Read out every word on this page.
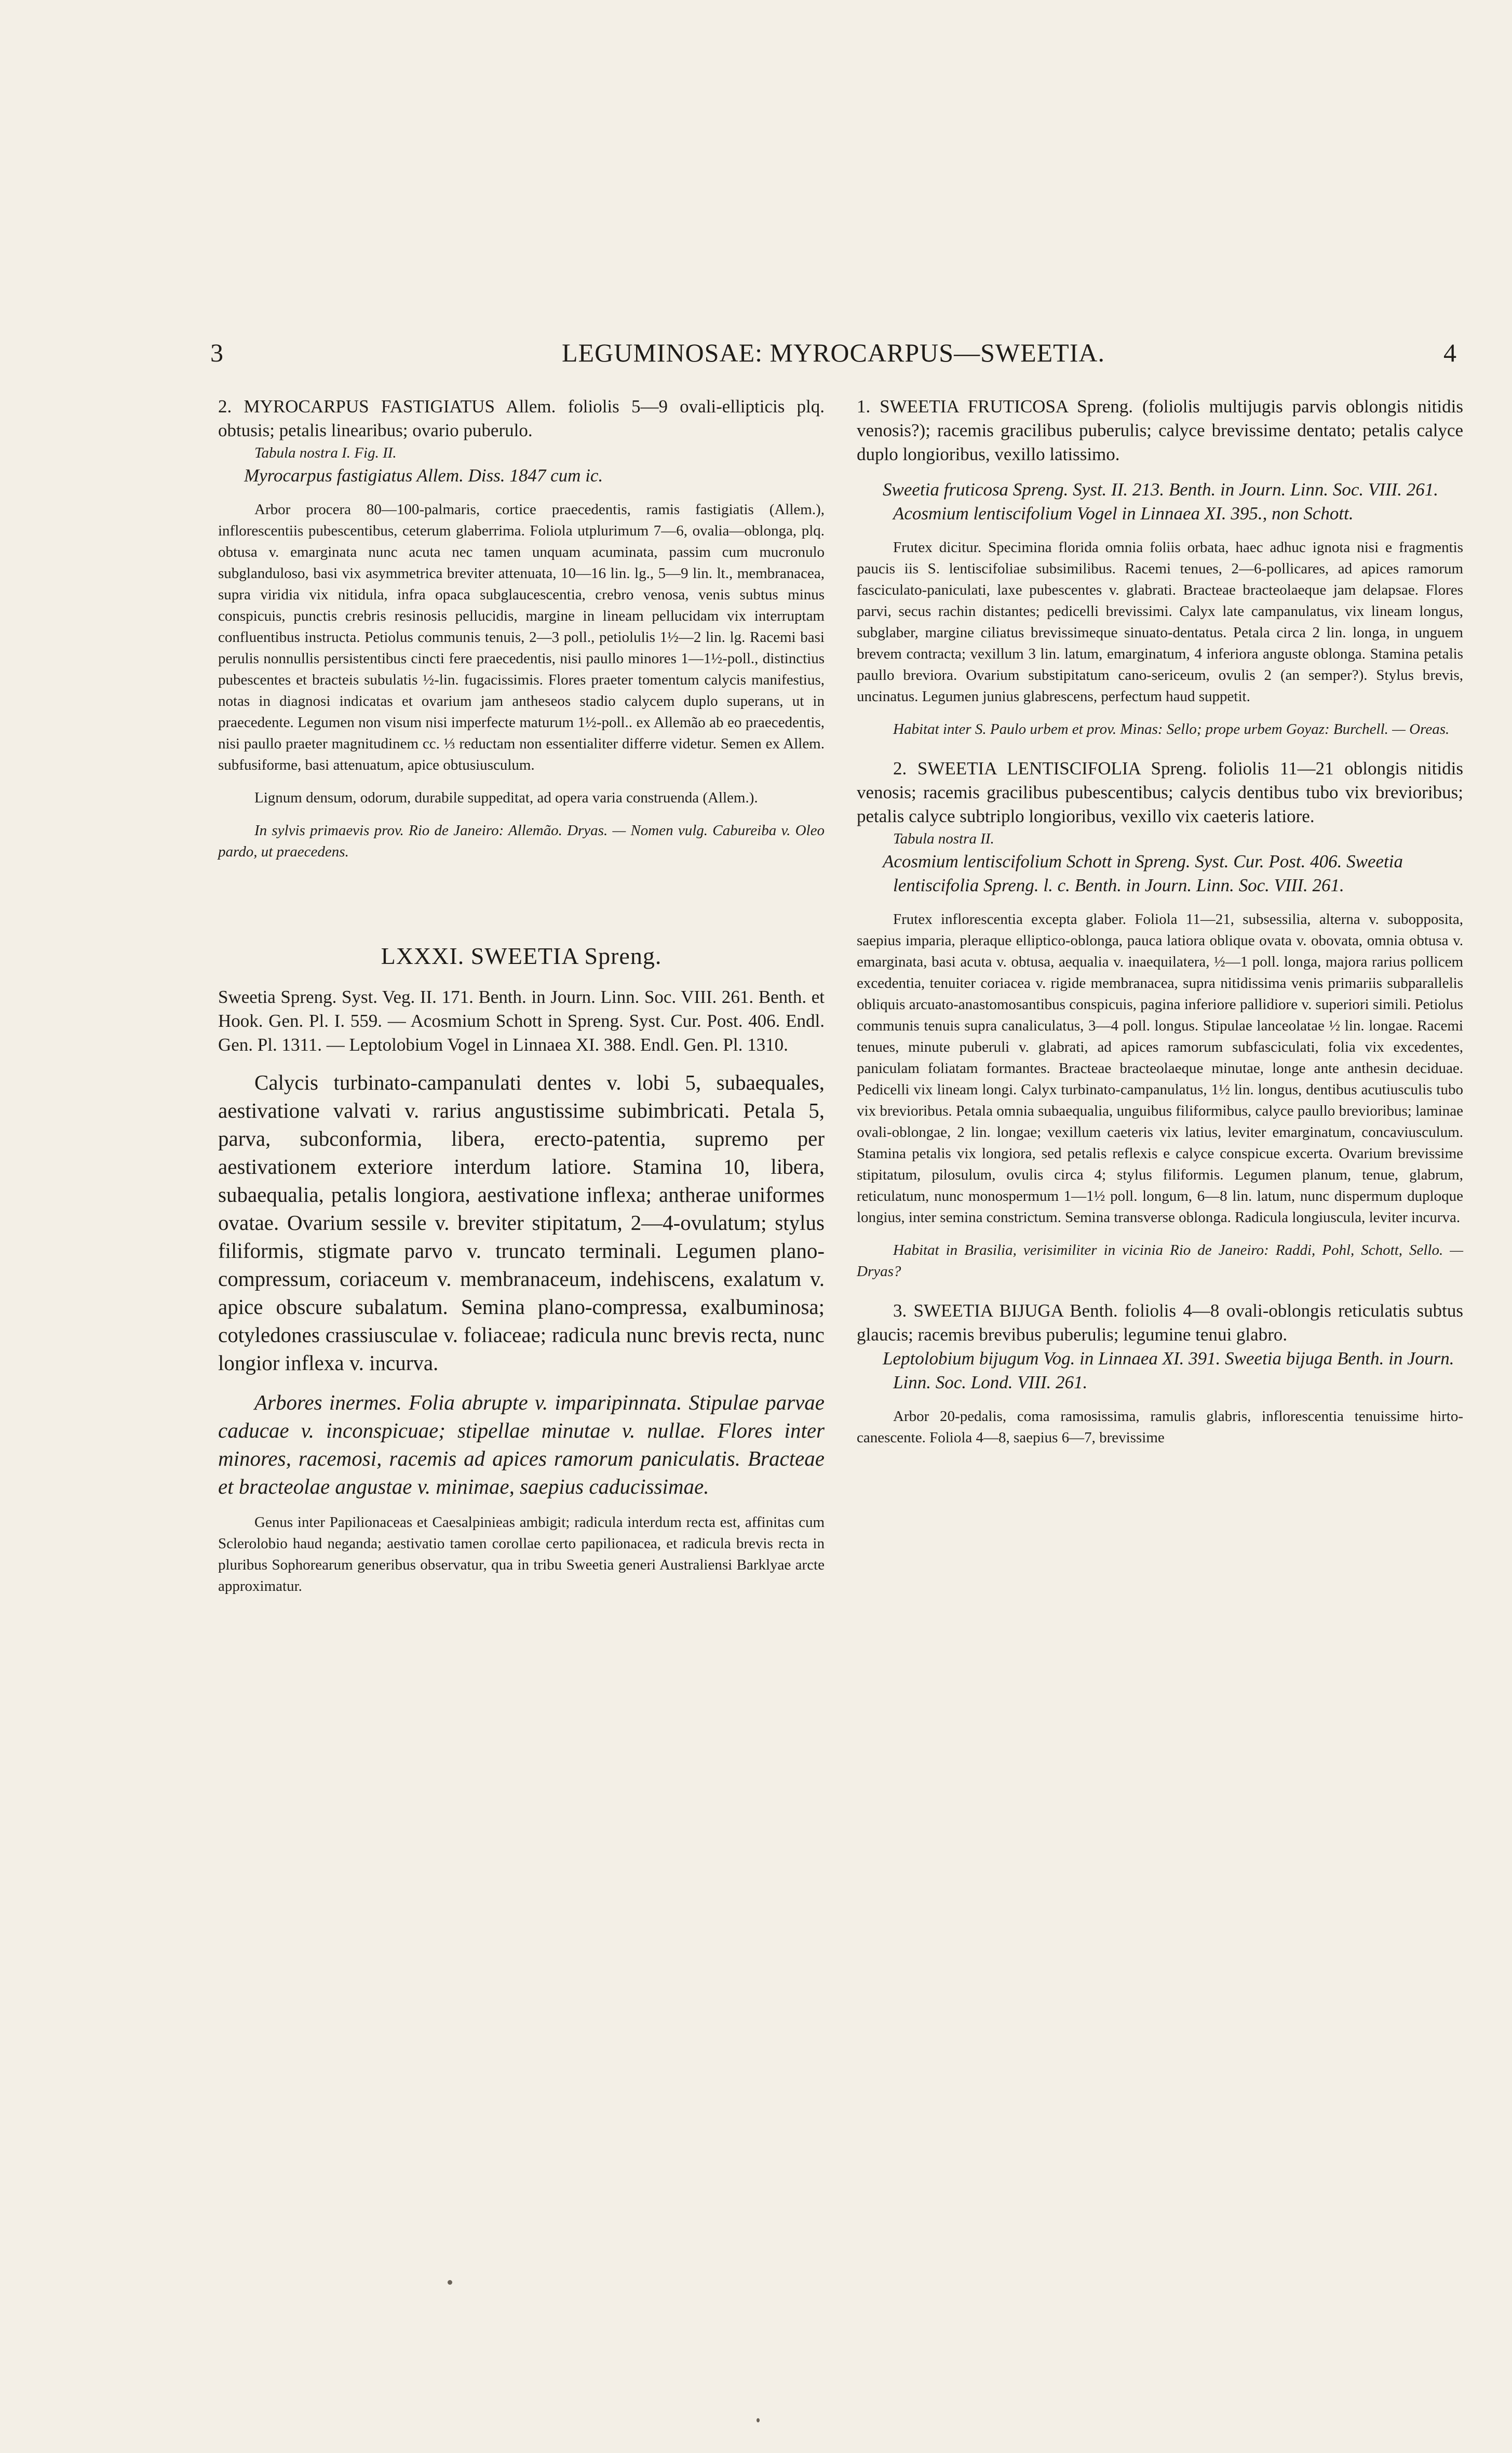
3	LEGUMINOSAE: MYROCARPUS—SWEETIA.	4

2. MYROCARPUS FASTIGIATUS Allem. foliolis 5—9 ovali-ellipticis plq. obtusis; petalis linearibus; ovario puberulo.

Tabula nostra I. Fig. II.

Myrocarpus fastigiatus Allem. Diss. 1847 cum ic.

Arbor procera 80—100-palmaris, cortice praecedentis, ramis fastigiatis (Allem.), inflorescentiis pubescentibus, ceterum glaberrima. Foliola utplurimum 7—6, ovalia—oblonga, plq. obtusa v. emarginata nunc acuta nec tamen unquam acuminata, passim cum mucronulo subglanduloso, basi vix asymmetrica breviter attenuata, 10—16 lin. lg., 5—9 lin. lt., membranacea, supra viridia vix nitidula, infra opaca subglaucescentia, crebro venosa, venis subtus minus conspicuis, punctis crebris resinosis pellucidis, margine in lineam pellucidam vix interruptam confluentibus instructa. Petiolus communis tenuis, 2—3 poll., petiolulis 1½—2 lin. lg. Racemi basi perulis nonnullis persistentibus cincti fere praecedentis, nisi paullo minores 1—1½-poll., distinctius pubescentes et bracteis subulatis ½-lin. fugacissimis. Flores praeter tomentum calycis manifestius, notas in diagnosi indicatas et ovarium jam antheseos stadio calycem duplo superans, ut in praecedente. Legumen non visum nisi imperfecte maturum 1½-poll.. ex Allemão ab eo praecedentis, nisi paullo praeter magnitudinem cc. ⅓ reductam non essentialiter differre videtur. Semen ex Allem. subfusiforme, basi attenuatum, apice obtusiusculum.

Lignum densum, odorum, durabile suppeditat, ad opera varia construenda (Allem.).

In sylvis primaevis prov. Rio de Janeiro: Allemão. Dryas. — Nomen vulg. Cabureiba v. Oleo pardo, ut praecedens.

LXXXI. SWEETIA Spreng.

Sweetia Spreng. Syst. Veg. II. 171. Benth. in Journ. Linn. Soc. VIII. 261. Benth. et Hook. Gen. Pl. I. 559. — Acosmium Schott in Spreng. Syst. Cur. Post. 406. Endl. Gen. Pl. 1311. — Leptolobium Vogel in Linnaea XI. 388. Endl. Gen. Pl. 1310.

Calycis turbinato-campanulati dentes v. lobi 5, subaequales, aestivatione valvati v. rarius angustissime subimbricati. Petala 5, parva, subconformia, libera, erecto-patentia, supremo per aestivationem exteriore interdum latiore. Stamina 10, libera, subaequalia, petalis longiora, aestivatione inflexa; antherae uniformes ovatae. Ovarium sessile v. breviter stipitatum, 2—4-ovulatum; stylus filiformis, stigmate parvo v. truncato terminali. Legumen plano-compressum, coriaceum v. membranaceum, indehiscens, exalatum v. apice obscure subalatum. Semina plano-compressa, exalbuminosa; cotyledones crassiusculae v. foliaceae; radicula nunc brevis recta, nunc longior inflexa v. incurva.

Arbores inermes. Folia abrupte v. imparipinnata. Stipulae parvae caducae v. inconspicuae; stipellae minutae v. nullae. Flores inter minores, racemosi, racemis ad apices ramorum paniculatis. Bracteae et bracteolae angustae v. minimae, saepius caducissimae.

Genus inter Papilionaceas et Caesalpinieas ambigit; radicula interdum recta est, affinitas cum Sclerolobio haud neganda; aestivatio tamen corollae certo papilionacea, et radicula brevis recta in pluribus Sophorearum generibus observatur, qua in tribu Sweetia generi Australiensi Barklyae arcte approximatur.

1. SWEETIA FRUTICOSA Spreng. (foliolis multijugis parvis oblongis nitidis venosis?); racemis gracilibus puberulis; calyce brevissime dentato; petalis calyce duplo longioribus, vexillo latissimo.

Sweetia fruticosa Spreng. Syst. II. 213. Benth. in Journ. Linn. Soc. VIII. 261. Acosmium lentiscifolium Vogel in Linnaea XI. 395., non Schott.

Frutex dicitur. Specimina florida omnia foliis orbata, haec adhuc ignota nisi e fragmentis paucis iis S. lentiscifoliae subsimilibus. Racemi tenues, 2—6-pollicares, ad apices ramorum fasciculato-paniculati, laxe pubescentes v. glabrati. Bracteae bracteolaeque jam delapsae. Flores parvi, secus rachin distantes; pedicelli brevissimi. Calyx late campanulatus, vix lineam longus, subglaber, margine ciliatus brevissimeque sinuato-dentatus. Petala circa 2 lin. longa, in unguem brevem contracta; vexillum 3 lin. latum, emarginatum, 4 inferiora anguste oblonga. Stamina petalis paullo breviora. Ovarium substipitatum cano-sericeum, ovulis 2 (an semper?). Stylus brevis, uncinatus. Legumen junius glabrescens, perfectum haud suppetit.

Habitat inter S. Paulo urbem et prov. Minas: Sello; prope urbem Goyaz: Burchell. — Oreas.

2. SWEETIA LENTISCIFOLIA Spreng. foliolis 11—21 oblongis nitidis venosis; racemis gracilibus pubescentibus; calycis dentibus tubo vix brevioribus; petalis calyce subtriplo longioribus, vexillo vix caeteris latiore.

Tabula nostra II.

Acosmium lentiscifolium Schott in Spreng. Syst. Cur. Post. 406. Sweetia lentiscifolia Spreng. l. c. Benth. in Journ. Linn. Soc. VIII. 261.

Frutex inflorescentia excepta glaber. Foliola 11—21, subsessilia, alterna v. subopposita, saepius imparia, pleraque elliptico-oblonga, pauca latiora oblique ovata v. obovata, omnia obtusa v. emarginata, basi acuta v. obtusa, aequalia v. inaequilatera, ½—1 poll. longa, majora rarius pollicem excedentia, tenuiter coriacea v. rigide membranacea, supra nitidissima venis primariis subparallelis obliquis arcuato-anastomosantibus conspicuis, pagina inferiore pallidiore v. superiori simili. Petiolus communis tenuis supra canaliculatus, 3—4 poll. longus. Stipulae lanceolatae ½ lin. longae. Racemi tenues, minute puberuli v. glabrati, ad apices ramorum subfasciculati, folia vix excedentes, paniculam foliatam formantes. Bracteae bracteolaeque minutae, longe ante anthesin deciduae. Pedicelli vix lineam longi. Calyx turbinato-campanulatus, 1½ lin. longus, dentibus acutiusculis tubo vix brevioribus. Petala omnia subaequalia, unguibus filiformibus, calyce paullo brevioribus; laminae ovali-oblongae, 2 lin. longae; vexillum caeteris vix latius, leviter emarginatum, concaviusculum. Stamina petalis vix longiora, sed petalis reflexis e calyce conspicue excerta. Ovarium brevissime stipitatum, pilosulum, ovulis circa 4; stylus filiformis. Legumen planum, tenue, glabrum, reticulatum, nunc monospermum 1—1½ poll. longum, 6—8 lin. latum, nunc dispermum duploque longius, inter semina constrictum. Semina transverse oblonga. Radicula longiuscula, leviter incurva.

Habitat in Brasilia, verisimiliter in vicinia Rio de Janeiro: Raddi, Pohl, Schott, Sello. — Dryas?

3. SWEETIA BIJUGA Benth. foliolis 4—8 ovali-oblongis reticulatis subtus glaucis; racemis brevibus puberulis; legumine tenui glabro.

Leptolobium bijugum Vog. in Linnaea XI. 391. Sweetia bijuga Benth. in Journ. Linn. Soc. Lond. VIII. 261.

Arbor 20-pedalis, coma ramosissima, ramulis glabris, inflorescentia tenuissime hirto-canescente. Foliola 4—8, saepius 6—7, brevissime
